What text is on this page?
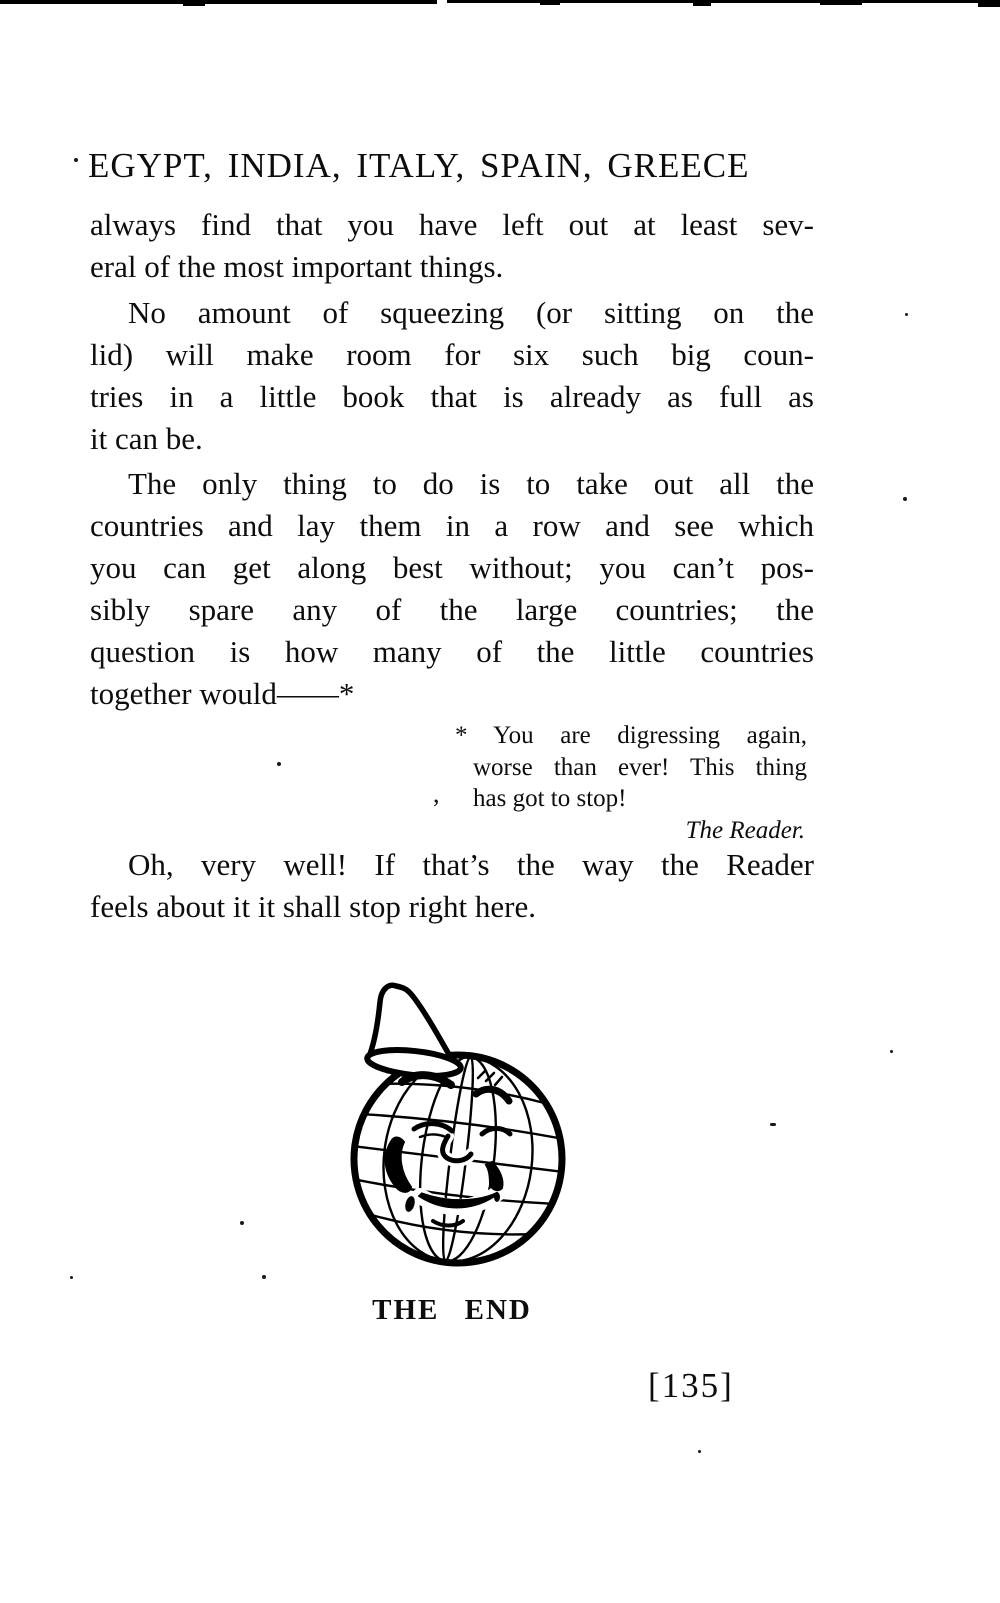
EGYPT, INDIA, ITALY, SPAIN, GREECE
always find that you have left out at least sev-
eral of the most important things.
No amount of squeezing (or sitting on the
lid) will make room for six such big coun-
tries in a little book that is already as full as
it can be.
The only thing to do is to take out all the
countries and lay them in a row and see which
you can get along best without; you can’t pos-
sibly spare any of the large countries; the
question is how many of the little countries
together would——*
* You are digressing again,
worse than ever! This thing
has got to stop!
The Reader.
,
Oh, very well! If that’s the way the Reader
feels about it it shall stop right here.
THE END
[135]
